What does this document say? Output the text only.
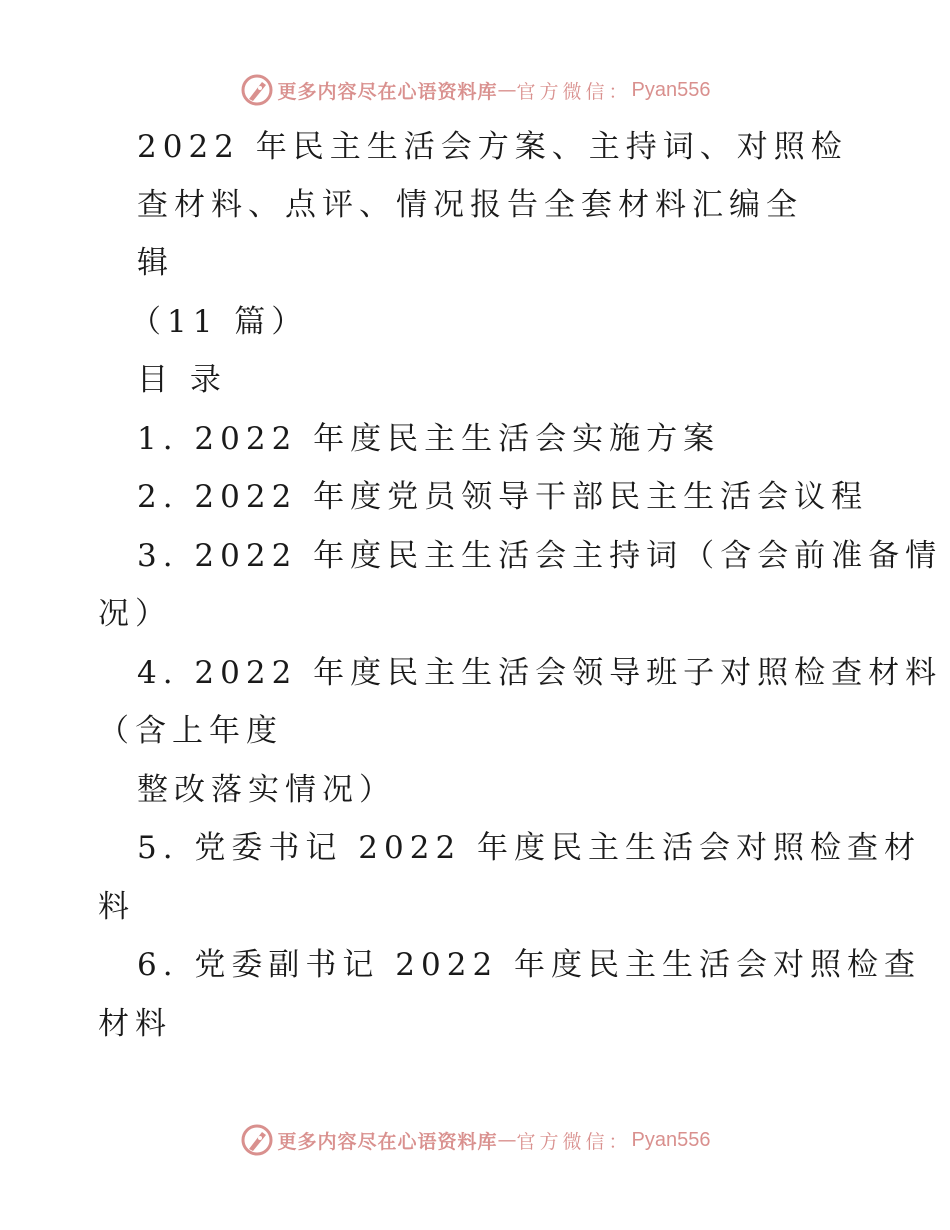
更多内容尽在心语资料库 — 官方微信： Pyan556
2022 年民主生活会方案、主持词、对照检
查材料、点评、情况报告全套材料汇编全
辑
（11 篇）
目 录
1. 2022 年度民主生活会实施方案
2. 2022 年度党员领导干部民主生活会议程
3. 2022 年度民主生活会主持词（含会前准备情
况）
4. 2022 年度民主生活会领导班子对照检查材料
（含上年度
整改落实情况）
5. 党委书记 2022 年度民主生活会对照检查材
料
6. 党委副书记 2022 年度民主生活会对照检查
材料
更多内容尽在心语资料库 — 官方微信： Pyan556
